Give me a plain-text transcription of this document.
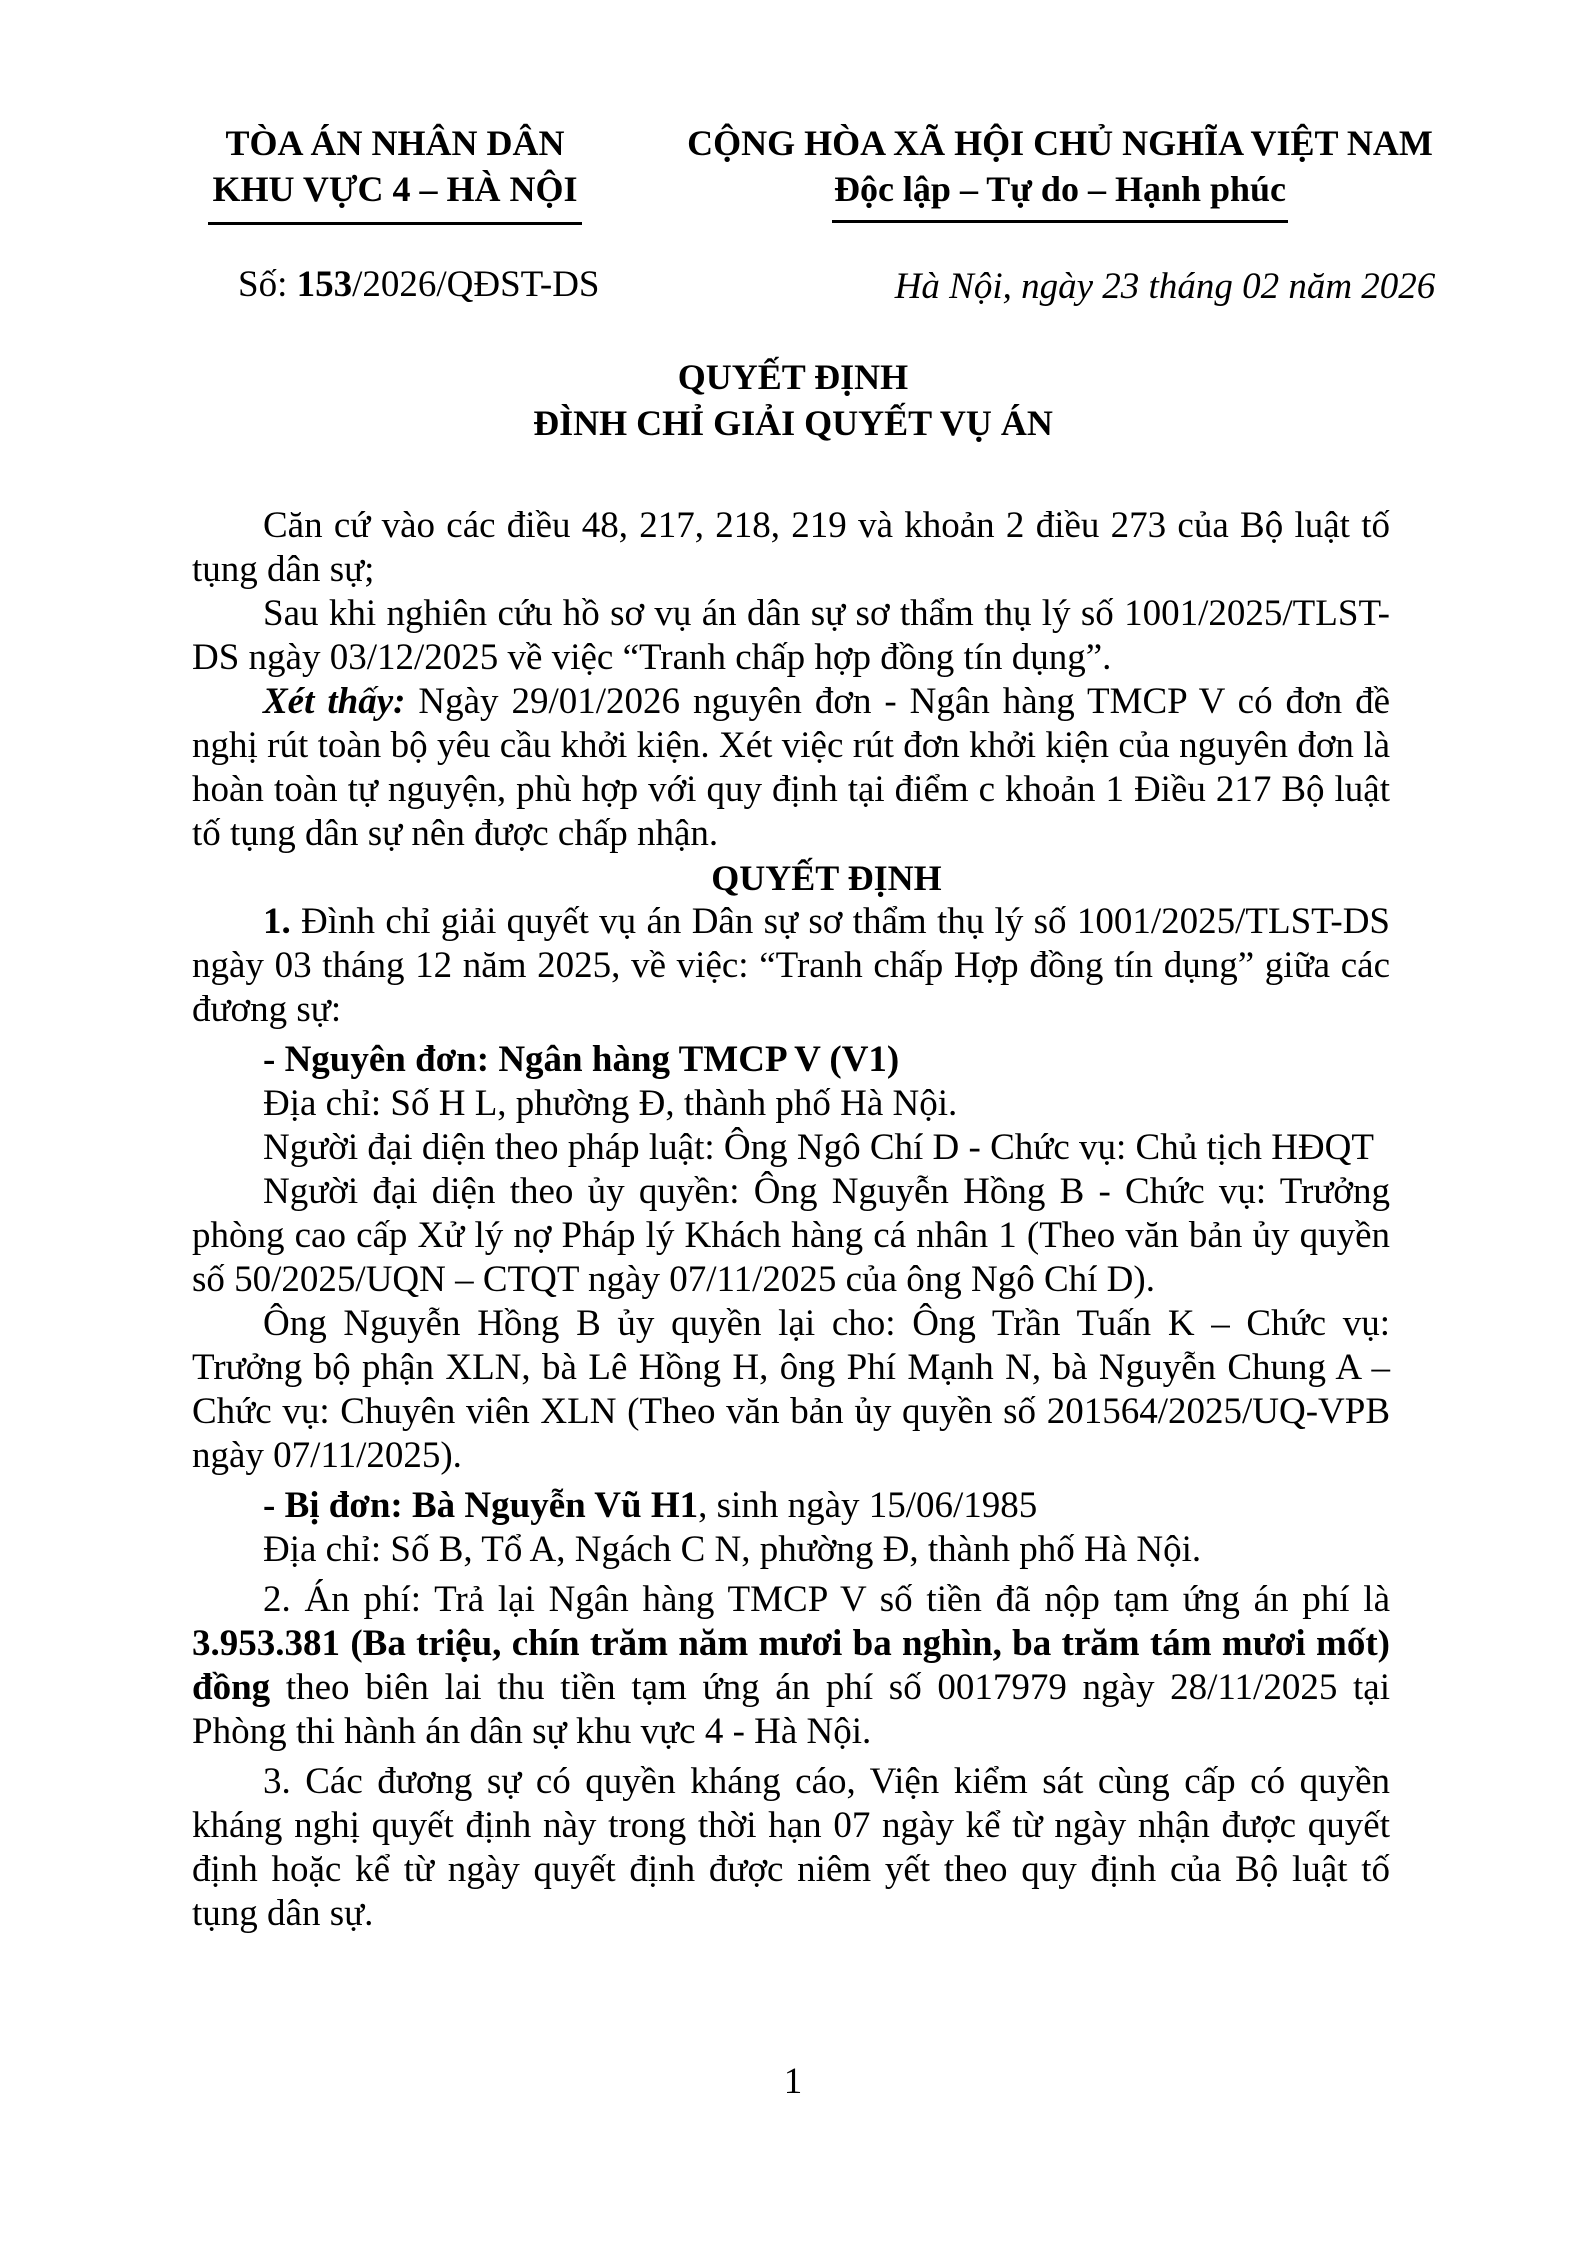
TÒA ÁN NHÂN DÂN
KHU VỰC 4 – HÀ NỘI
Số: 153/2026/QĐST-DS
CỘNG HÒA XÃ HỘI CHỦ NGHĨA VIỆT NAM
Độc lập – Tự do – Hạnh phúc
Hà Nội, ngày 23 tháng 02 năm 2026
QUYẾT ĐỊNH
ĐÌNH CHỈ GIẢI QUYẾT VỤ ÁN

Căn cứ vào các điều 48, 217, 218, 219 và khoản 2 điều 273 của Bộ luật tố tụng dân sự;

Sau khi nghiên cứu hồ sơ vụ án dân sự sơ thẩm thụ lý số 1001/2025/TLST-DS ngày 03/12/2025 về việc “Tranh chấp hợp đồng tín dụng”.

Xét thấy: Ngày 29/01/2026 nguyên đơn - Ngân hàng TMCP V có đơn đề nghị rút toàn bộ yêu cầu khởi kiện. Xét việc rút đơn khởi kiện của nguyên đơn là hoàn toàn tự nguyện, phù hợp với quy định tại điểm c khoản 1 Điều 217 Bộ luật tố tụng dân sự nên được chấp nhận.

QUYẾT ĐỊNH

1. Đình chỉ giải quyết vụ án Dân sự sơ thẩm thụ lý số 1001/2025/TLST-DS ngày 03 tháng 12 năm 2025, về việc: “Tranh chấp Hợp đồng tín dụng” giữa các đương sự:

- Nguyên đơn: Ngân hàng TMCP V (V1)

Địa chỉ: Số H L, phường Đ, thành phố Hà Nội.

Người đại diện theo pháp luật: Ông Ngô Chí D - Chức vụ: Chủ tịch HĐQT

Người đại diện theo ủy quyền: Ông Nguyễn Hồng B - Chức vụ: Trưởng phòng cao cấp Xử lý nợ Pháp lý Khách hàng cá nhân 1 (Theo văn bản ủy quyền số 50/2025/UQN – CTQT ngày 07/11/2025 của ông Ngô Chí D).

Ông Nguyễn Hồng B ủy quyền lại cho: Ông Trần Tuấn K – Chức vụ: Trưởng bộ phận XLN, bà Lê Hồng H, ông Phí Mạnh N, bà Nguyễn Chung A – Chức vụ: Chuyên viên XLN (Theo văn bản ủy quyền số 201564/2025/UQ-VPB ngày 07/11/2025).

- Bị đơn: Bà Nguyễn Vũ H1, sinh ngày 15/06/1985

Địa chỉ: Số B, Tổ A, Ngách C N, phường Đ, thành phố Hà Nội.

2. Án phí: Trả lại Ngân hàng TMCP V số tiền đã nộp tạm ứng án phí là 3.953.381 (Ba triệu, chín trăm năm mươi ba nghìn, ba trăm tám mươi mốt) đồng theo biên lai thu tiền tạm ứng án phí số 0017979 ngày 28/11/2025 tại Phòng thi hành án dân sự khu vực 4 - Hà Nội.

3. Các đương sự có quyền kháng cáo, Viện kiểm sát cùng cấp có quyền kháng nghị quyết định này trong thời hạn 07 ngày kể từ ngày nhận được quyết định hoặc kể từ ngày quyết định được niêm yết theo quy định của Bộ luật tố tụng dân sự.

1
